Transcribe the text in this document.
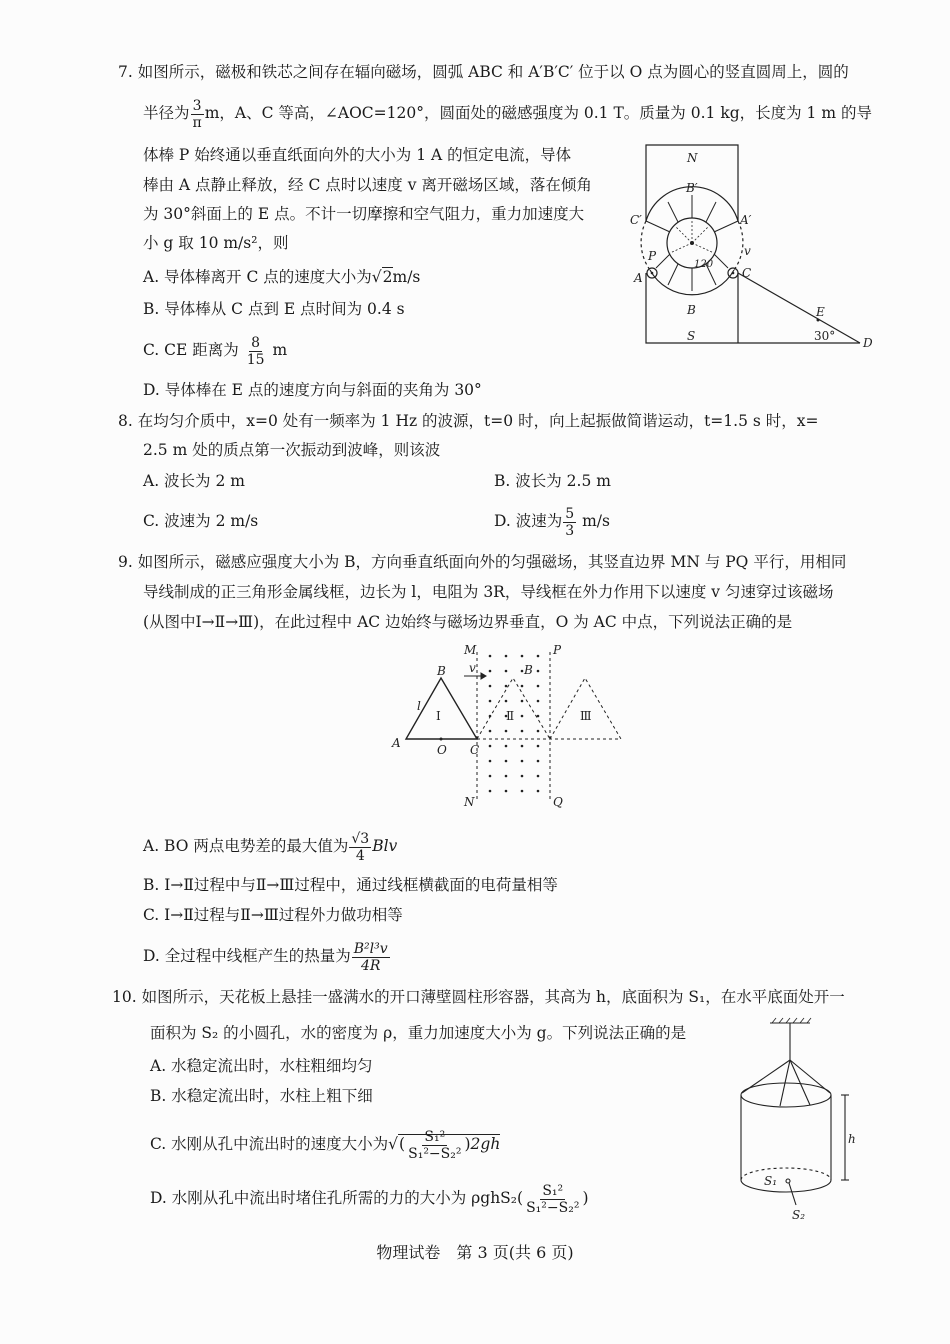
7. 如图所示，磁极和铁芯之间存在辐向磁场，圆弧 ABC 和 A′B′C′ 位于以 O 点为圆心的竖直圆周上，圆的
半径为 $\frac{3}{\pi}$ m，A、C 等高，∠AOC=120°，圆面处的磁感强度为 0.1 T。质量为 0.1 kg，长度为 1 m 的导
体棒 P 始终通以垂直纸面向外的大小为 1 A 的恒定电流，导体
棒由 A 点静止释放，经 C 点时以速度 v 离开磁场区域，落在倾角
为 30°斜面上的 E 点。不计一切摩擦和空气阻力，重力加速度大
小 g 取 10 m/s²，则
A. 导体棒离开 C 点的速度大小为√2m/s
B. 导体棒从 C 点到 E 点时间为 0.4 s
C. CE 距离为 $\frac{8}{15}$ m
D. 导体棒在 E 点的速度方向与斜面的夹角为 30°
N
B′
C′	A′
P	v
120
A	C
B
S
E
30° D
8. 在均匀介质中，x=0 处有一频率为 1 Hz 的波源，t=0 时，向上起振做简谐运动，t=1.5 s 时，x=
2.5 m 处的质点第一次振动到波峰，则该波
A. 波长为 2 m	B. 波长为 2.5 m
C. 波速为 2 m/s	D. 波速为 $\frac{5}{3} m/s$
9. 如图所示，磁感应强度大小为 B，方向垂直纸面向外的匀强磁场，其竖直边界 MN 与 PQ 平行，用相同
导线制成的正三角形金属线框，边长为 l，电阻为 3R，导线框在外力作用下以速度 v 匀速穿过该磁场
(从图中Ⅰ→Ⅱ→Ⅲ)，在此过程中 AC 边始终与磁场边界垂直，O 为 AC 中点，下列说法正确的是
M	P
N	Q
B	B
v
l
Ⅰ	Ⅱ	Ⅲ
A	O C
A. BO 两点电势差的最大值为 $\frac{√3}{4}$ Blv
B. Ⅰ→Ⅱ过程中与Ⅱ→Ⅲ过程中，通过线框横截面的电荷量相等
C. Ⅰ→Ⅱ过程与Ⅱ→Ⅲ过程外力做功相等
D. 全过程中线框产生的热量为 $\frac{\text{B²l³v}}{4R}$
10. 如图所示，天花板上悬挂一盛满水的开口薄壁圆柱形容器，其高为 h，底面积为 S₁，在水平底面处开一
面积为 S₂ 的小圆孔，水的密度为 ρ，重力加速度大小为 g。下列说法正确的是
A. 水稳定流出时，水柱粗细均匀
B. 水稳定流出时，水柱上粗下细
C. 水刚从孔中流出时的速度大小为√( $\frac{\text{S₁²}}{\text{S₁²−S₂²}} )2gh$
D. 水刚从孔中流出时堵住孔所需的力的大小为 $\rho ghS_2( \frac{\text{S₁²}}{\text{S₁²−S₂²}}$ )
h
S₁
S₂
物理试卷　第 3 页(共 6 页)
